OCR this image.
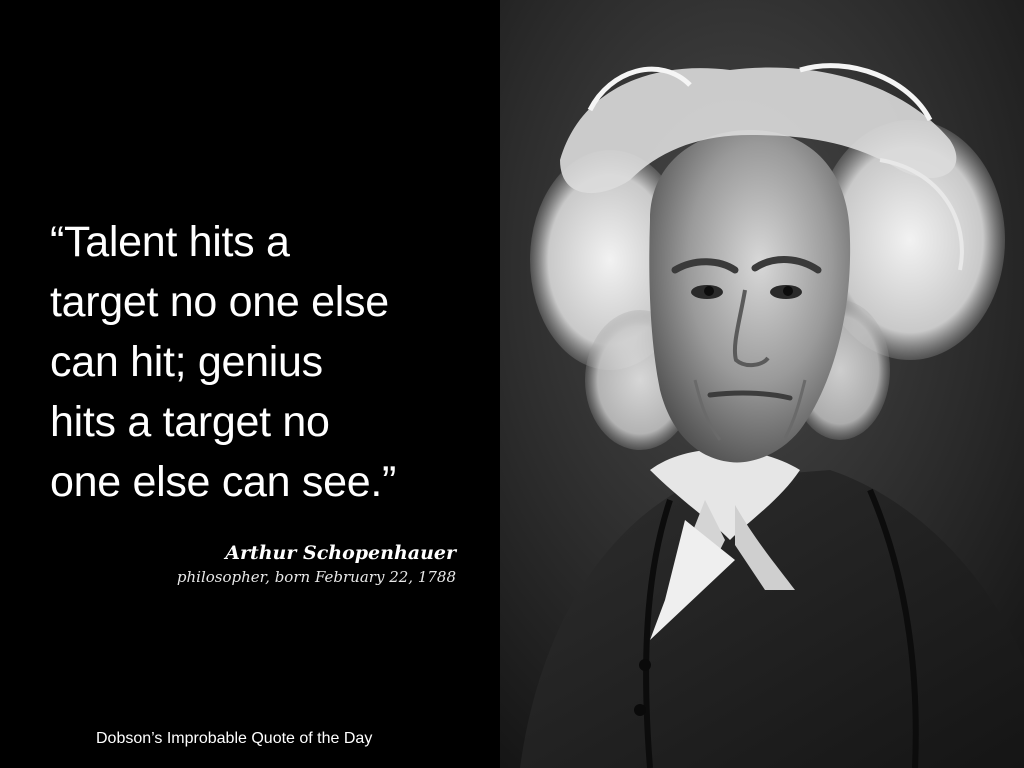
“Talent hits a
target no one else
can hit; genius
hits a target no
one else can see.”

Arthur Schopenhauer
philosopher, born February 22, 1788
Dobson’s Improbable Quote of the Day
